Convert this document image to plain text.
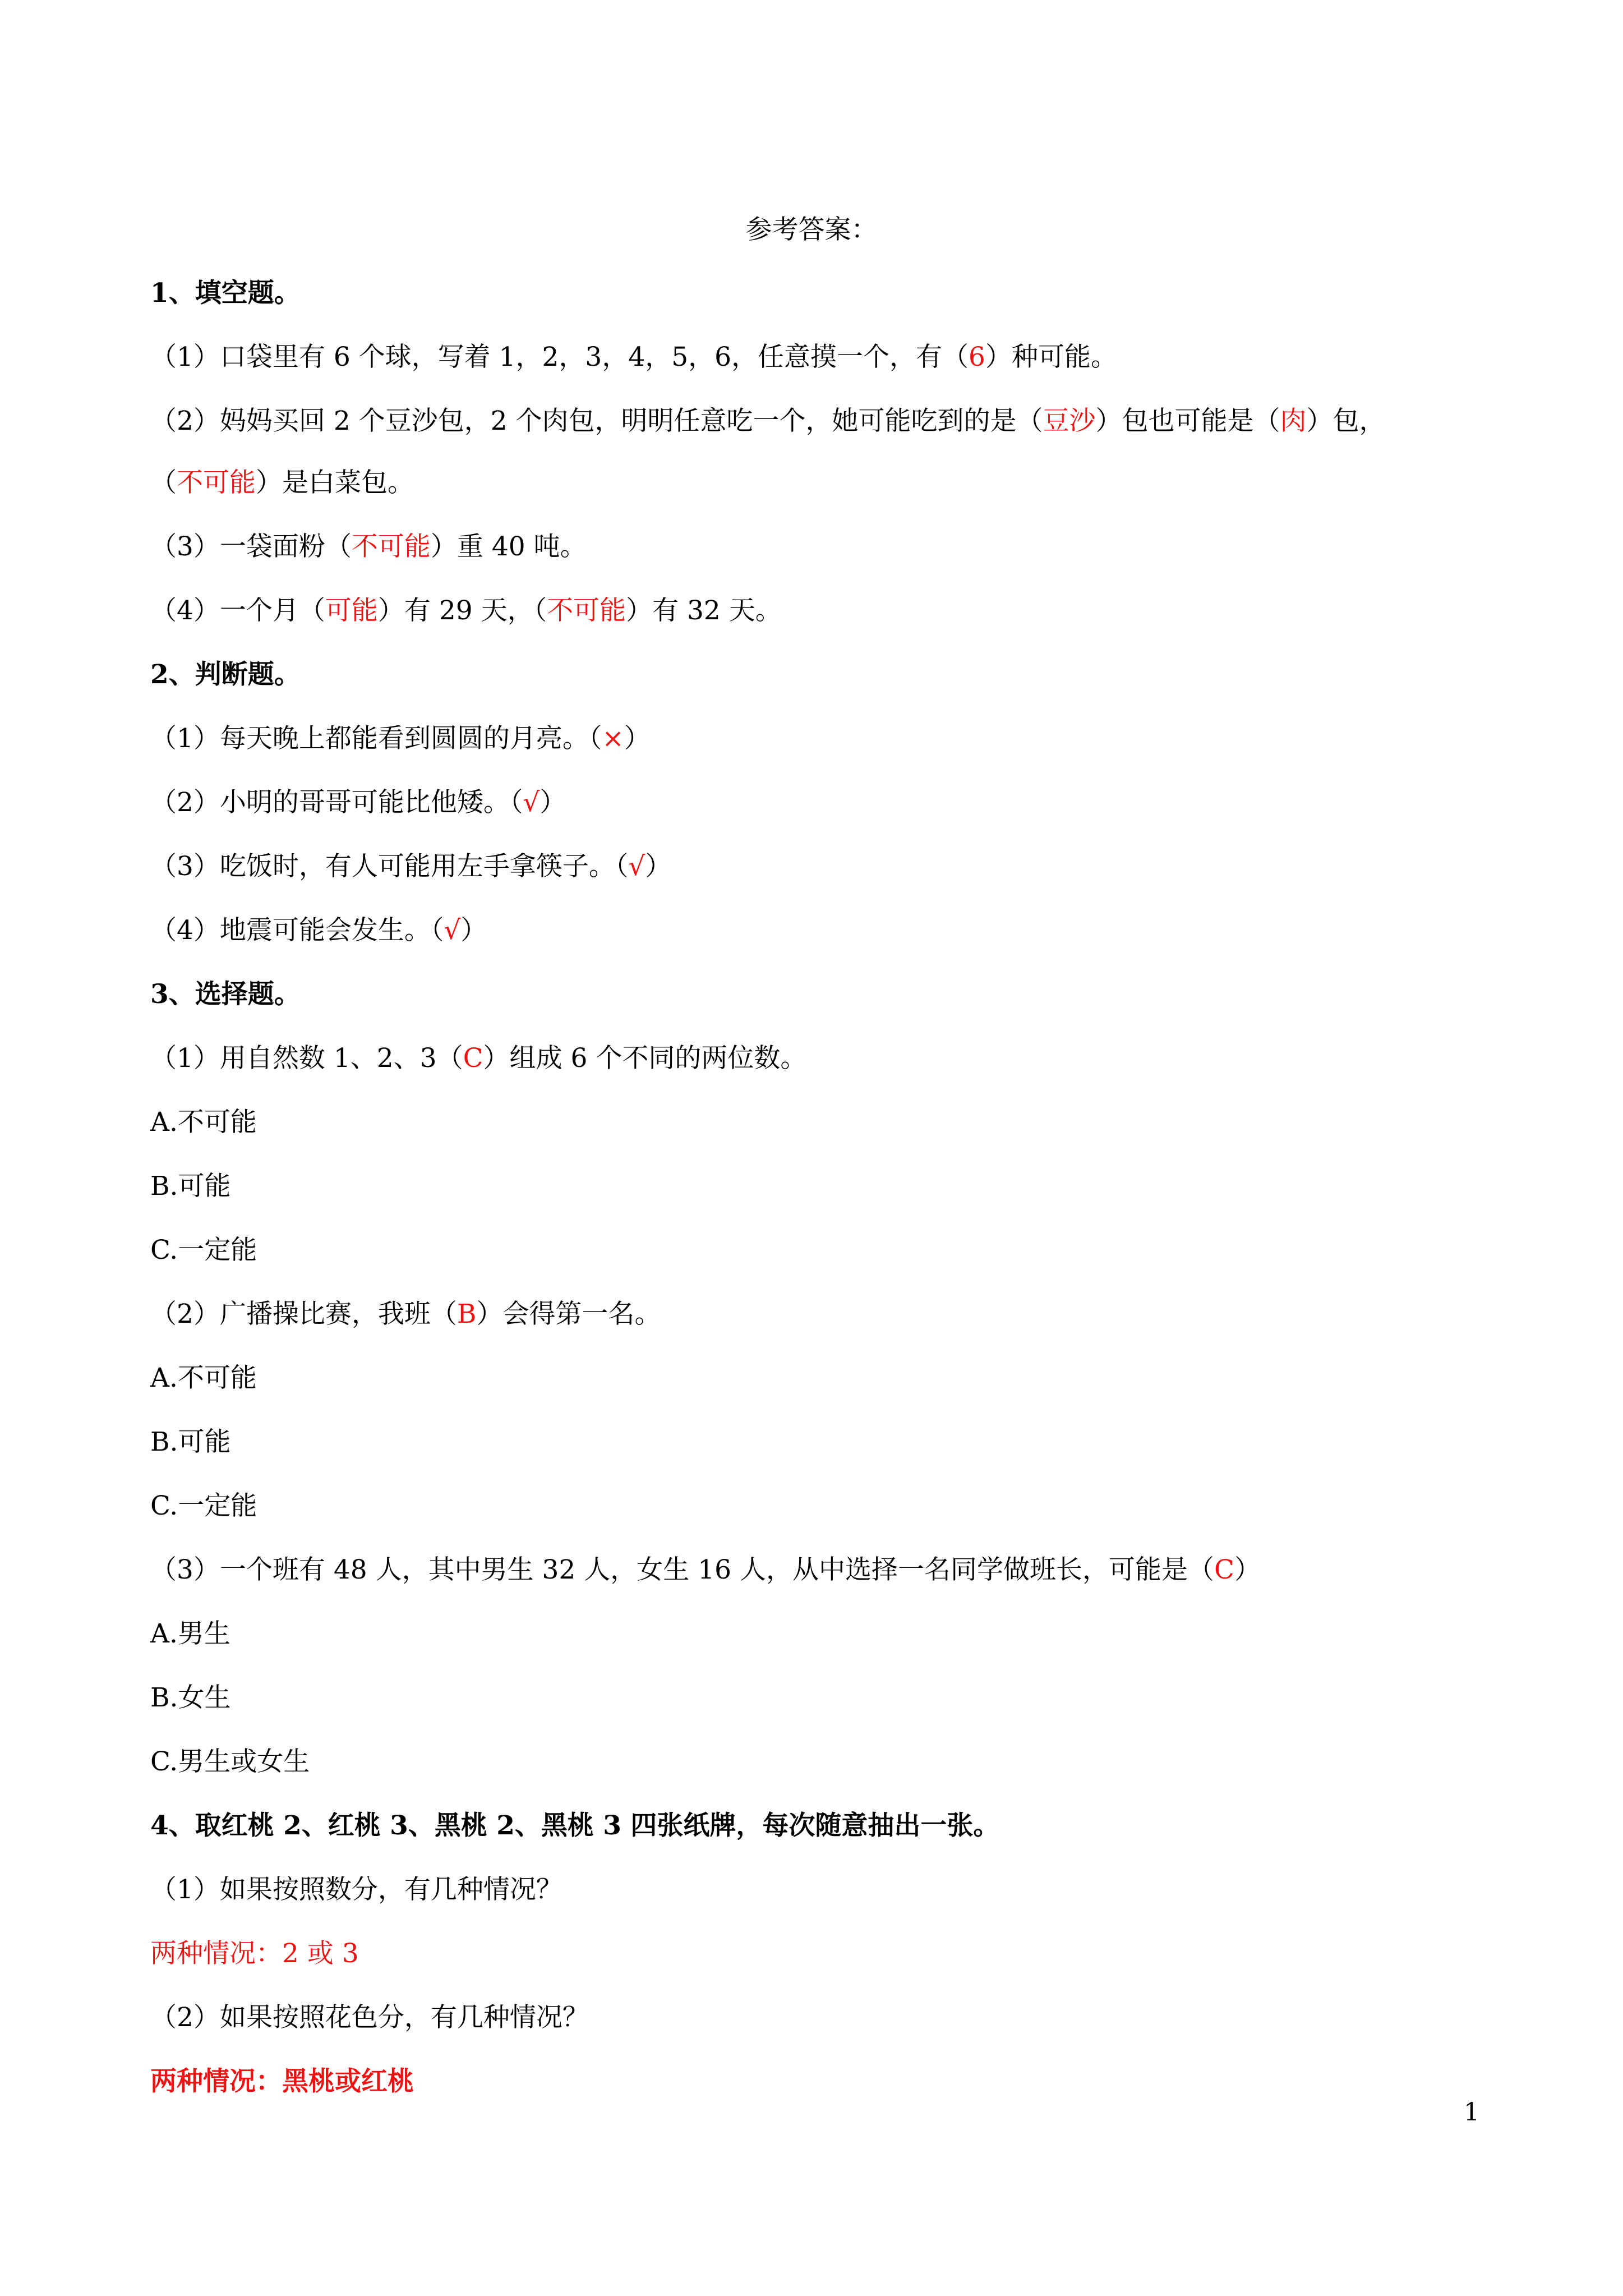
参考答案：
1、填空题。
（1）口袋里有 6 个球，写着 1，2，3，4，5，6，任意摸一个，有（6）种可能。
（2）妈妈买回 2 个豆沙包，2 个肉包，明明任意吃一个，她可能吃到的是（豆沙）包也可能是（肉）包，
（不可能）是白菜包。
（3）一袋面粉（不可能）重 40 吨。
（4）一个月（可能）有 29 天，（不可能）有 32 天。
2、判断题。
（1）每天晚上都能看到圆圆的月亮。（×）
（2）小明的哥哥可能比他矮。（√）
（3）吃饭时，有人可能用左手拿筷子。（√）
（4）地震可能会发生。（√）
3、选择题。
（1）用自然数 1、2、3（C）组成 6 个不同的两位数。
A.不可能
B.可能
C.一定能
（2）广播操比赛，我班（B）会得第一名。
A.不可能
B.可能
C.一定能
（3）一个班有 48 人，其中男生 32 人，女生 16 人，从中选择一名同学做班长，可能是（C）
A.男生
B.女生
C.男生或女生
4、取红桃 2、红桃 3、黑桃 2、黑桃 3 四张纸牌，每次随意抽出一张。
（1）如果按照数分，有几种情况？
两种情况：2 或 3
（2）如果按照花色分，有几种情况？
两种情况：黑桃或红桃
1
